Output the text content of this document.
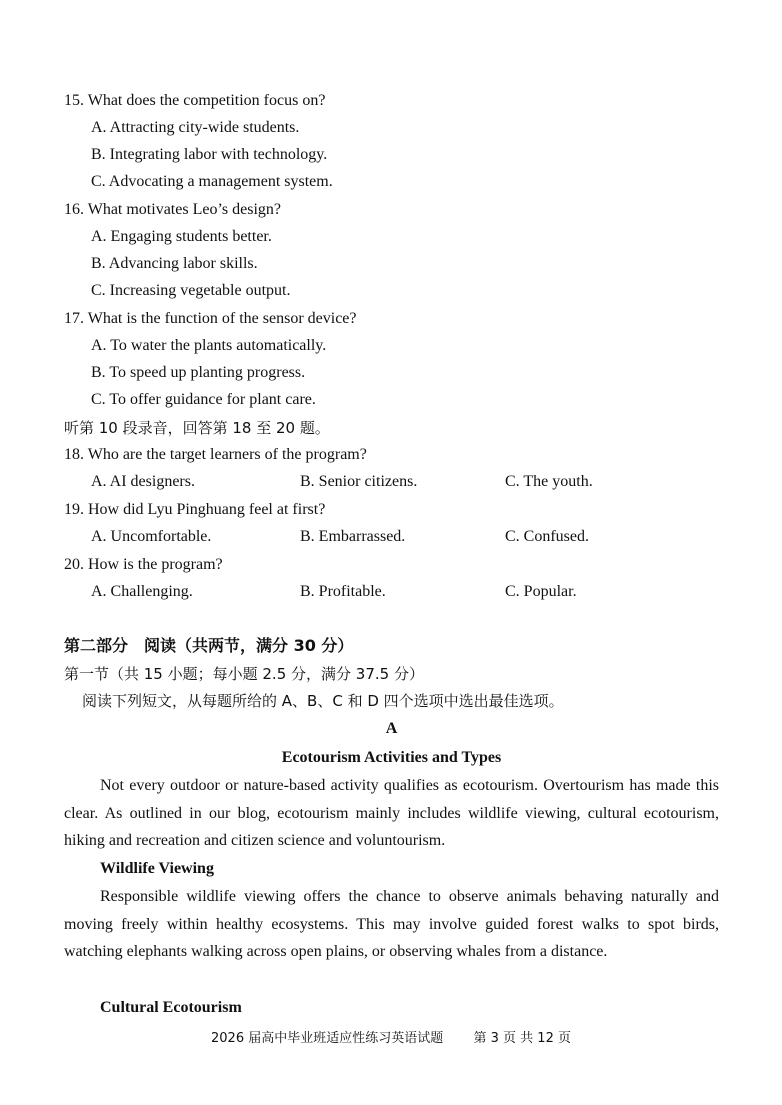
15. What does the competition focus on?
A. Attracting city-wide students.
B. Integrating labor with technology.
C. Advocating a management system.
16. What motivates Leo’s design?
A. Engaging students better.
B. Advancing labor skills.
C. Increasing vegetable output.
17. What is the function of the sensor device?
A. To water the plants automatically.
B. To speed up planting progress.
C. To offer guidance for plant care.
听第 10 段录音，回答第 18 至 20 题。
18. Who are the target learners of the program?
A. AI designers.	B. Senior citizens.	C. The youth.
19. How did Lyu Pinghuang feel at first?
A. Uncomfortable.	B. Embarrassed.	C. Confused.
20. How is the program?
A. Challenging.	B. Profitable.	C. Popular.
第二部分　阅读（共两节，满分 30 分）
第一节（共 15 小题；每小题 2.5 分，满分 37.5 分）
阅读下列短文，从每题所给的 A、B、C 和 D 四个选项中选出最佳选项。
A
Ecotourism Activities and Types

Not every outdoor or nature-based activity qualifies as ecotourism. Overtourism has made this clear. As outlined in our blog, ecotourism mainly includes wildlife viewing, cultural ecotourism, hiking and recreation and citizen science and voluntourism.

Wildlife Viewing

Responsible wildlife viewing offers the chance to observe animals behaving naturally and moving freely within healthy ecosystems. This may involve guided forest walks to spot birds, watching elephants walking across open plains, or observing whales from a distance.

Cultural Ecotourism
2026 届高中毕业班适应性练习英语试题 第 3 页 共 12 页
